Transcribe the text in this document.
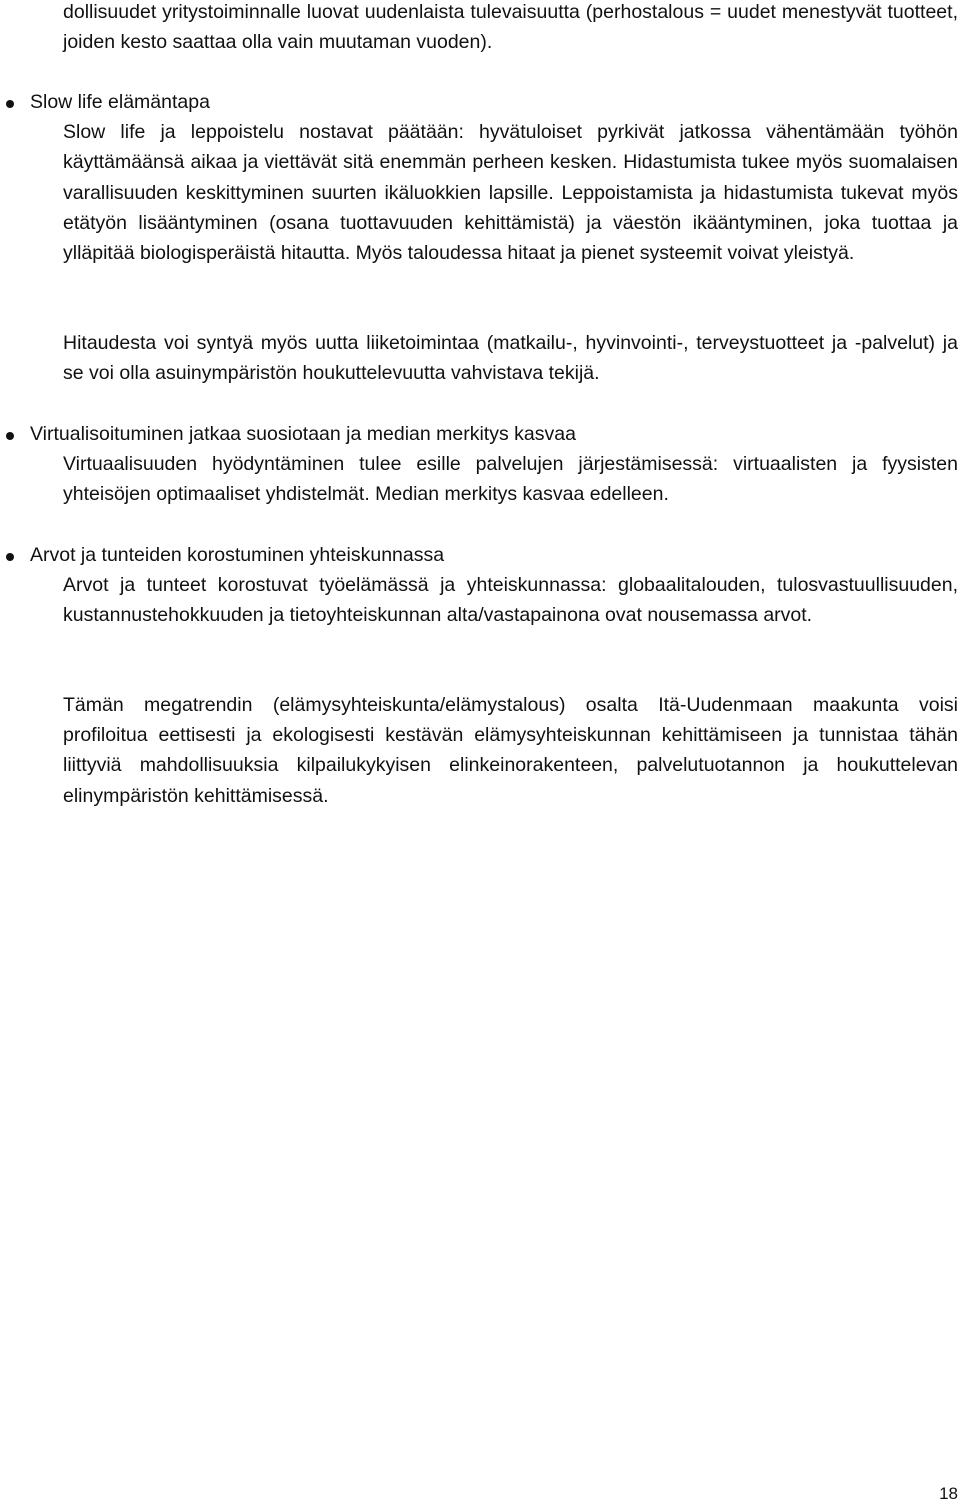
dollisuudet yritystoiminnalle luovat uudenlaista tulevaisuutta (perhostalous = uudet menestyvät tuotteet, joiden kesto saattaa olla vain muutaman vuoden).

Slow life elämäntapa

Slow life ja leppoistelu nostavat päätään: hyvätuloiset pyrkivät jatkossa vähentämään työhön käyttämäänsä aikaa ja viettävät sitä enemmän perheen kesken. Hidastumista tukee myös suomalaisen varallisuuden keskittyminen suurten ikäluokkien lapsille. Leppoistamista ja hidastumista tukevat myös etätyön lisääntyminen (osana tuottavuuden kehittämistä) ja väestön ikääntyminen, joka tuottaa ja ylläpitää biologisperäistä hitautta. Myös taloudessa hitaat ja pienet systeemit voivat yleistyä.

Hitaudesta voi syntyä myös uutta liiketoimintaa (matkailu-, hyvinvointi-, terveystuotteet ja -palvelut) ja se voi olla asuinympäristön houkuttelevuutta vahvistava tekijä.

Virtualisoituminen jatkaa suosiotaan ja median merkitys kasvaa

Virtuaalisuuden hyödyntäminen tulee esille palvelujen järjestämisessä: virtuaalisten ja fyysisten yhteisöjen optimaaliset yhdistelmät. Median merkitys kasvaa edelleen.

Arvot ja tunteiden korostuminen yhteiskunnassa

Arvot ja tunteet korostuvat työelämässä ja yhteiskunnassa: globaalitalouden, tulosvastuullisuuden, kustannustehokkuuden ja tietoyhteiskunnan alta/vastapainona ovat nousemassa arvot.

Tämän megatrendin (elämysyhteiskunta/elämystalous) osalta Itä-Uudenmaan maakunta voisi profiloitua eettisesti ja ekologisesti kestävän elämysyhteiskunnan kehittämiseen ja tunnistaa tähän liittyviä mahdollisuuksia kilpailukykyisen elinkeinorakenteen, palvelutuotannon ja houkuttelevan elinympäristön kehittämisessä.

18
